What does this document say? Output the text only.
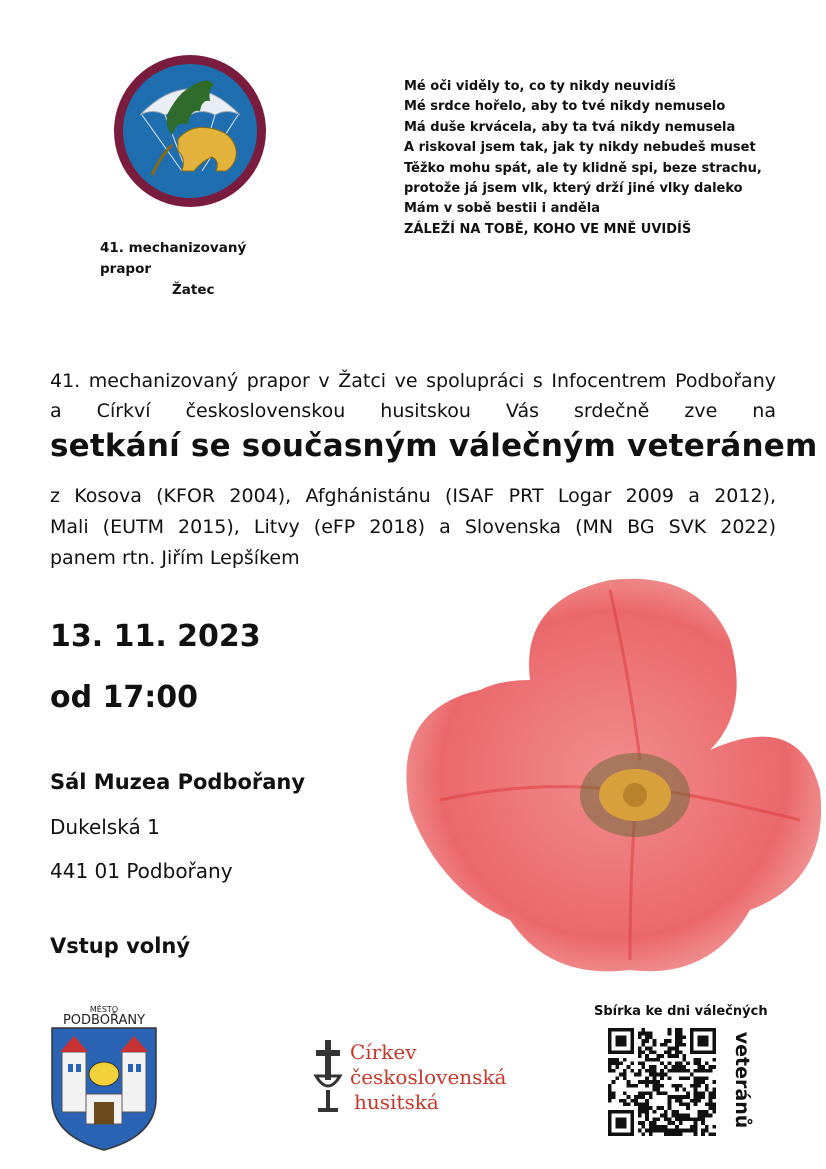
41. mechanizovaný prapor
Žatec
Mé oči viděly to, co ty nikdy neuvidíš
Mé srdce hořelo, aby to tvé nikdy nemuselo
Má duše krvácela, aby ta tvá nikdy nemusela
A riskoval jsem tak, jak ty nikdy nebudeš muset
Těžko mohu spát, ale ty klidně spi, beze strachu,
protože já jsem vlk, který drží jiné vlky daleko
Mám v sobě bestii i anděla
ZÁLEŽÍ NA TOBĚ, KOHO VE MNĚ UVIDÍŠ
41. mechanizovaný prapor v Žatci ve spolupráci s Infocentrem Podbořany
a Církví československou husitskou Vás srdečně zve na
setkání se současným válečným veteránem
z Kosova (KFOR 2004), Afghánistánu (ISAF PRT Logar 2009 a 2012),
Mali (EUTM 2015), Litvy (eFP 2018) a Slovenska (MN BG SVK 2022)
panem rtn. Jiřím Lepšíkem
13. 11. 2023
od 17:00
Sál Muzea Podbořany
Dukelská 1
441 01 Podbořany
Vstup volný
MĚSTO
PODBOŘANY
Církev
československá
husitská
Sbírka ke dni válečných
veteránů
